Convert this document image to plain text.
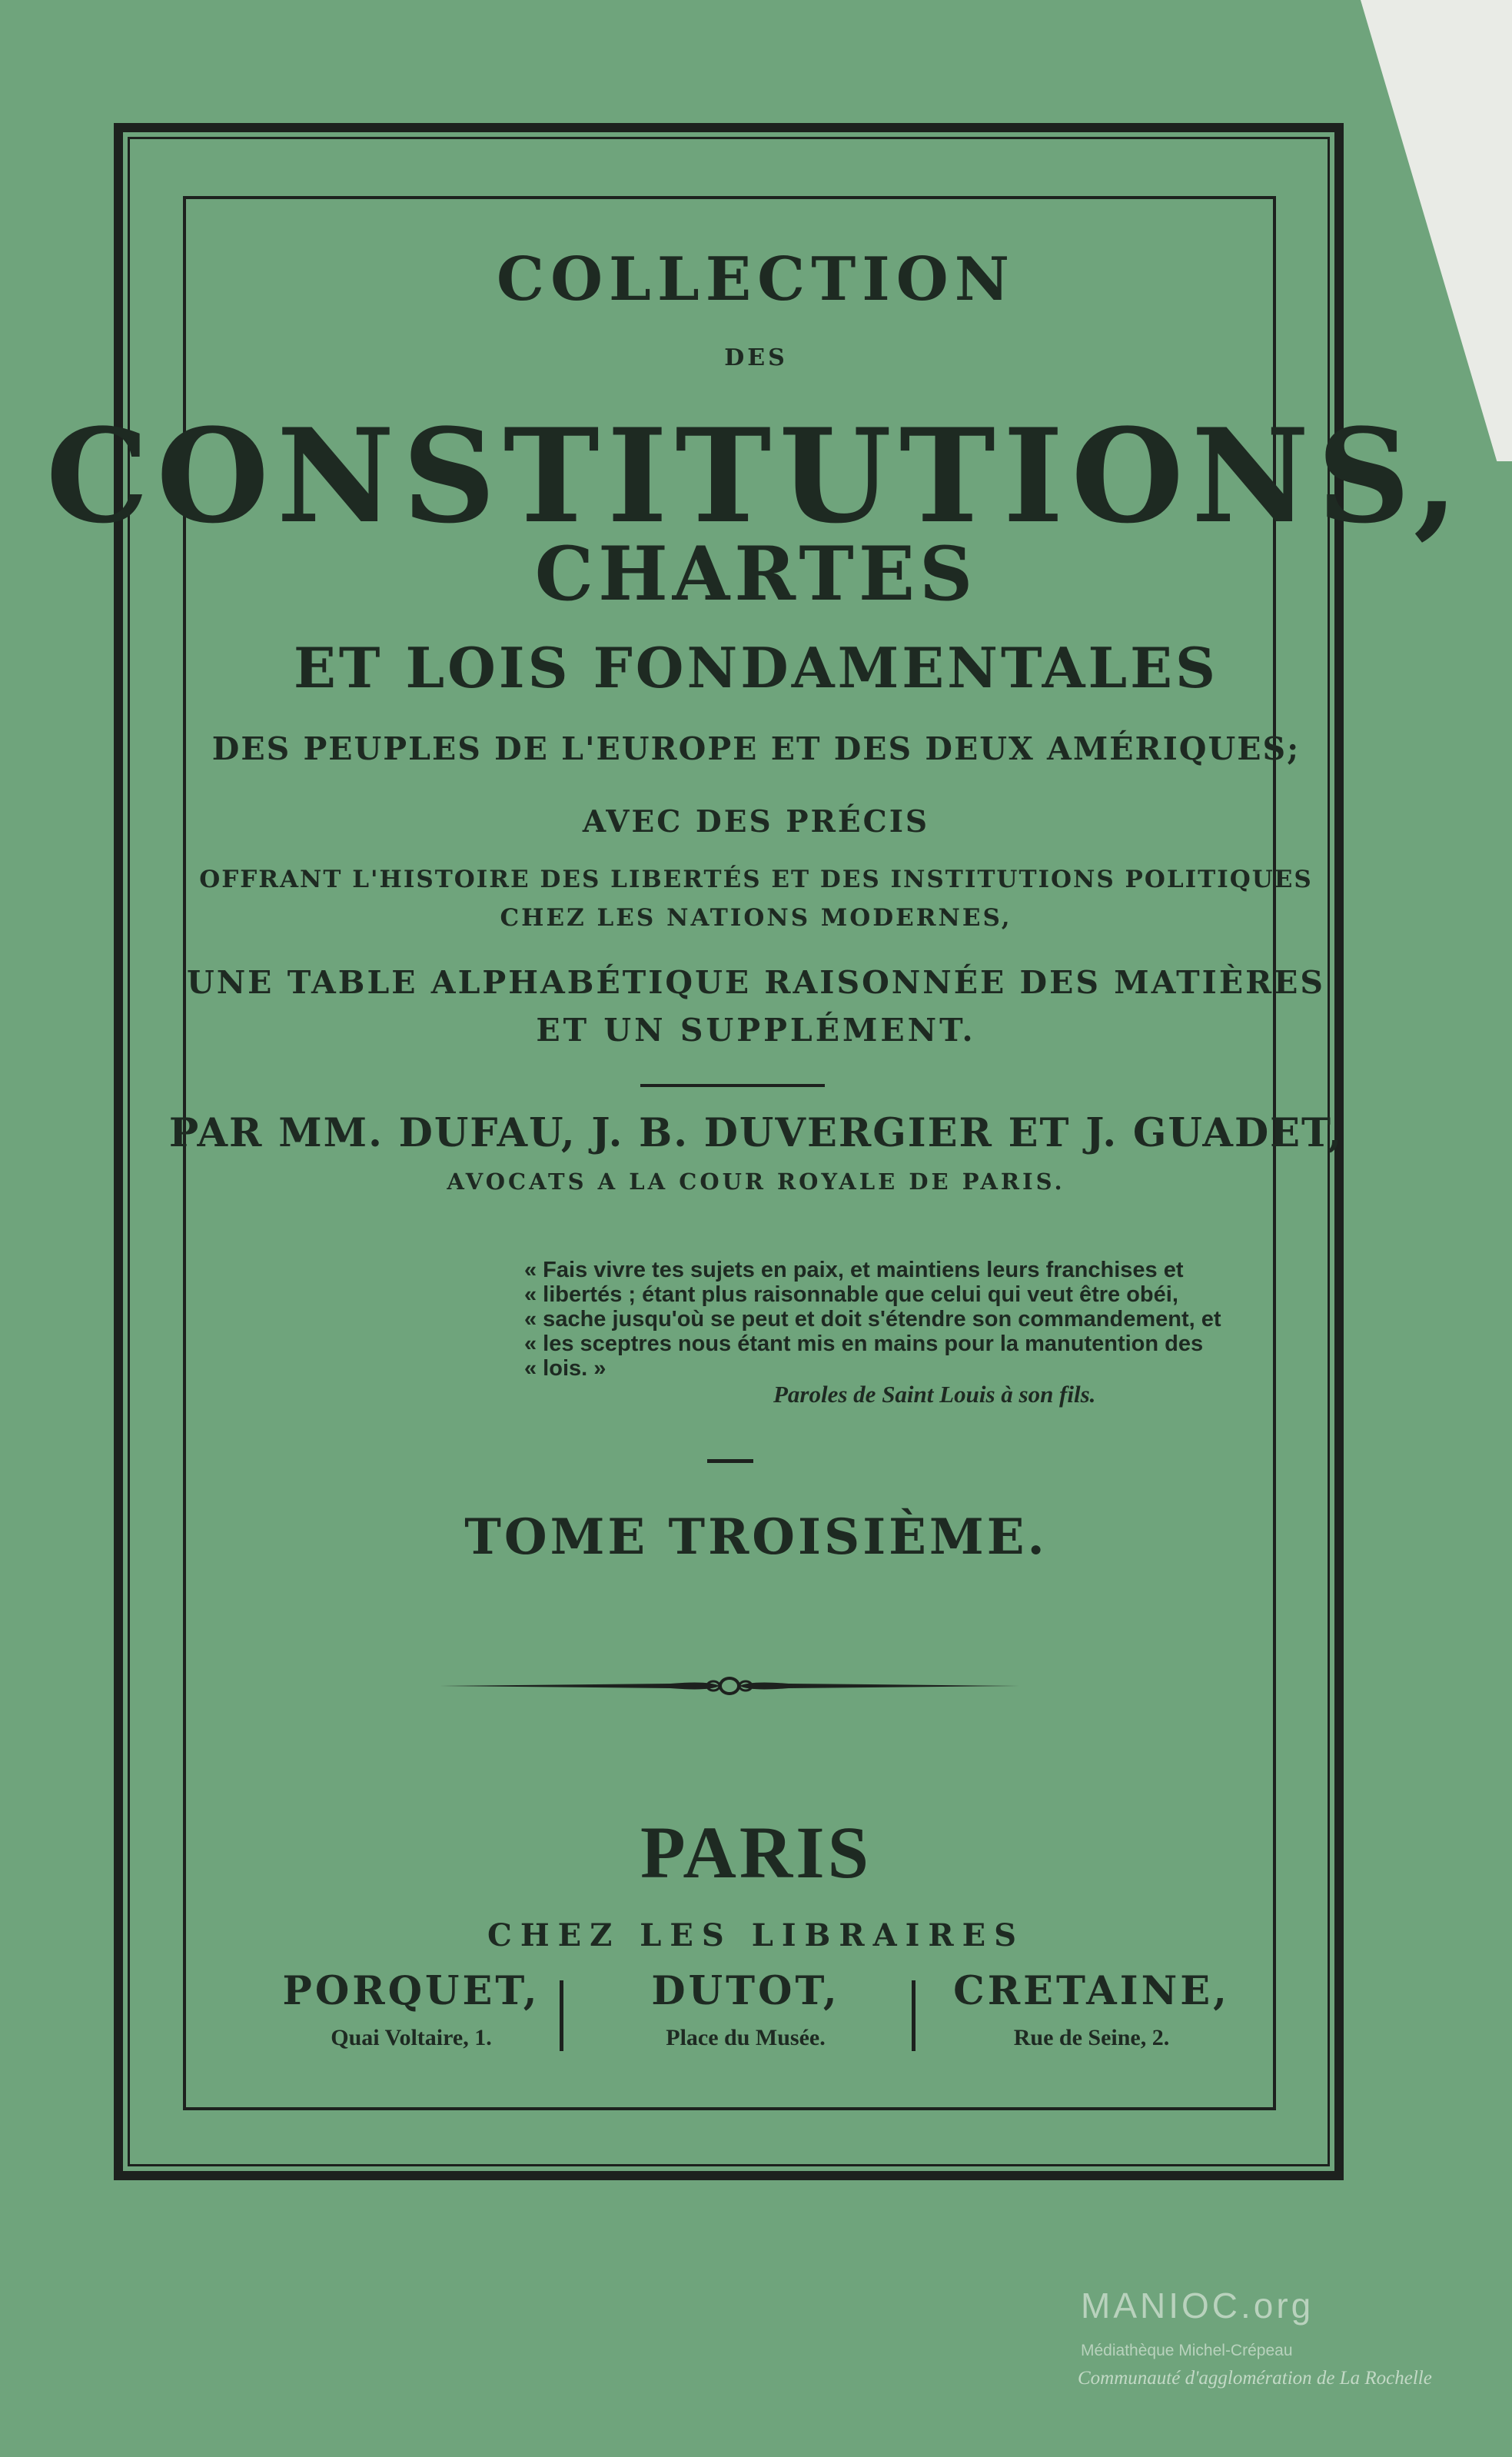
COLLECTION
DES
CONSTITUTIONS,
CHARTES
ET LOIS FONDAMENTALES
DES PEUPLES DE L'EUROPE ET DES DEUX AMÉRIQUES;
AVEC DES PRÉCIS
OFFRANT L'HISTOIRE DES LIBERTÉS ET DES INSTITUTIONS POLITIQUES
CHEZ LES NATIONS MODERNES,
UNE TABLE ALPHABÉTIQUE RAISONNÉE DES MATIÈRES
ET UN SUPPLÉMENT.
PAR MM. DUFAU, J. B. DUVERGIER ET J. GUADET,
AVOCATS A LA COUR ROYALE DE PARIS.
« Fais vivre tes sujets en paix, et maintiens leurs franchises et
« libertés ; étant plus raisonnable que celui qui veut être obéi,
« sache jusqu'où se peut et doit s'étendre son commandement, et
« les sceptres nous étant mis en mains pour la manutention des
« lois. »
Paroles de Saint Louis à son fils.
TOME TROISIÈME.
PARIS
CHEZ LES LIBRAIRES
PORQUET,
Quai Voltaire, 1.
DUTOT,
Place du Musée.
CRETAINE,
Rue de Seine, 2.
MANIOC.org
Médiathèque Michel-Crépeau
Communauté d'agglomération de La Rochelle
